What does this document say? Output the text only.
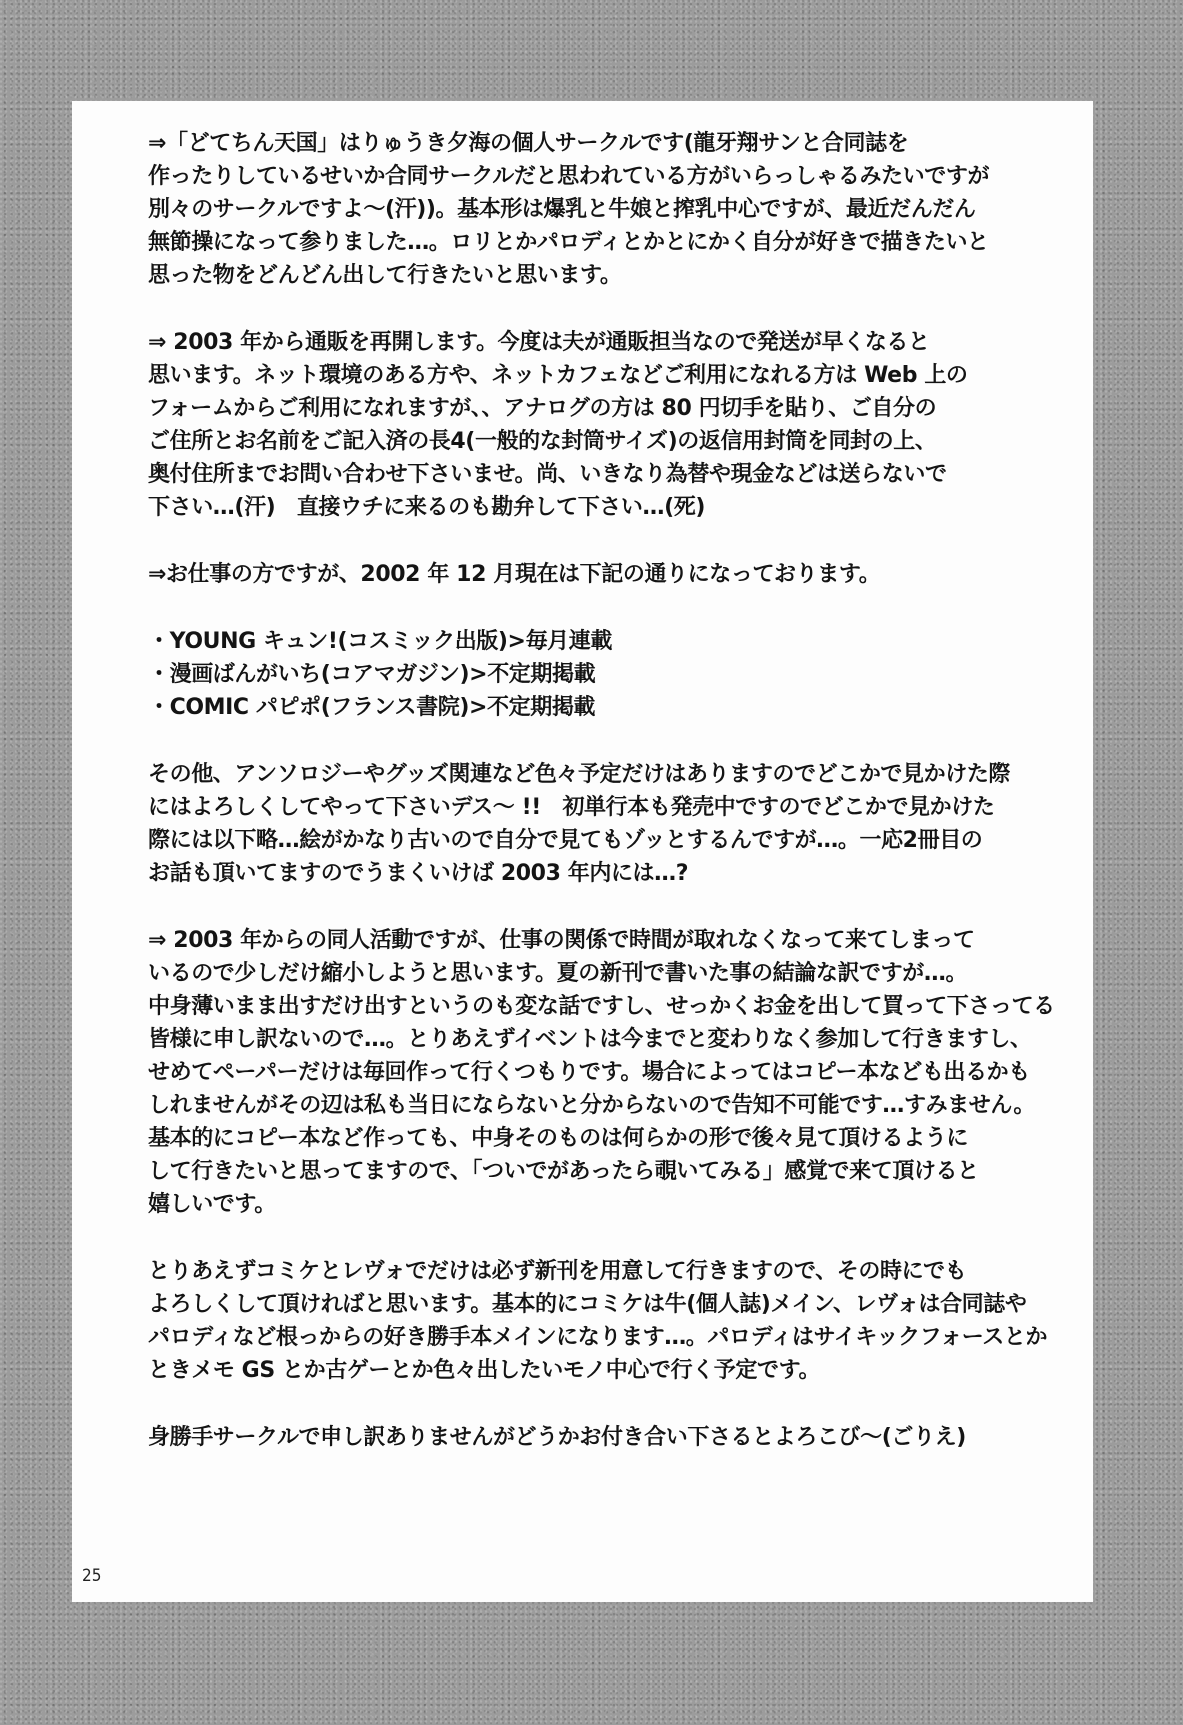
⇒「どてちん天国」はりゅうき夕海の個人サークルです(龍牙翔サンと合同誌を
作ったりしているせいか合同サークルだと思われている方がいらっしゃるみたいですが
別々のサークルですよ～(汗))。基本形は爆乳と牛娘と搾乳中心ですが、最近だんだん
無節操になって参りました…。ロリとかパロディとかとにかく自分が好きで描きたいと
思った物をどんどん出して行きたいと思います。
⇒ 2003 年から通販を再開します。今度は夫が通販担当なので発送が早くなると
思います。ネット環境のある方や、ネットカフェなどご利用になれる方は Web 上の
フォームからご利用になれますが、、アナログの方は 80 円切手を貼り、ご自分の
ご住所とお名前をご記入済の長4(一般的な封筒サイズ)の返信用封筒を同封の上、
奥付住所までお問い合わせ下さいませ。尚、いきなり為替や現金などは送らないで
下さい…(汗)　直接ウチに来るのも勘弁して下さい…(死)
⇒お仕事の方ですが、2002 年 12 月現在は下記の通りになっております。
・YOUNG キュン!(コスミック出版)>毎月連載
・漫画ばんがいち(コアマガジン)>不定期掲載
・COMIC パピポ(フランス書院)>不定期掲載
その他、アンソロジーやグッズ関連など色々予定だけはありますのでどこかで見かけた際
にはよろしくしてやって下さいデス～ !!　初単行本も発売中ですのでどこかで見かけた
際には以下略…絵がかなり古いので自分で見てもゾッとするんですが…。一応2冊目の
お話も頂いてますのでうまくいけば 2003 年内には…?
⇒ 2003 年からの同人活動ですが、仕事の関係で時間が取れなくなって来てしまって
いるので少しだけ縮小しようと思います。夏の新刊で書いた事の結論な訳ですが…。
中身薄いまま出すだけ出すというのも変な話ですし、せっかくお金を出して買って下さってる
皆様に申し訳ないので…。とりあえずイベントは今までと変わりなく参加して行きますし、
せめてペーパーだけは毎回作って行くつもりです。場合によってはコピー本なども出るかも
しれませんがその辺は私も当日にならないと分からないので告知不可能です…すみません。
基本的にコピー本など作っても、中身そのものは何らかの形で後々見て頂けるように
して行きたいと思ってますので、「ついでがあったら覗いてみる」感覚で来て頂けると
嬉しいです。
とりあえずコミケとレヴォでだけは必ず新刊を用意して行きますので、その時にでも
よろしくして頂ければと思います。基本的にコミケは牛(個人誌)メイン、レヴォは合同誌や
パロディなど根っからの好き勝手本メインになります…。パロディはサイキックフォースとか
ときメモ GS とか古ゲーとか色々出したいモノ中心で行く予定です。
身勝手サークルで申し訳ありませんがどうかお付き合い下さるとよろこび～(ごりえ)
25
